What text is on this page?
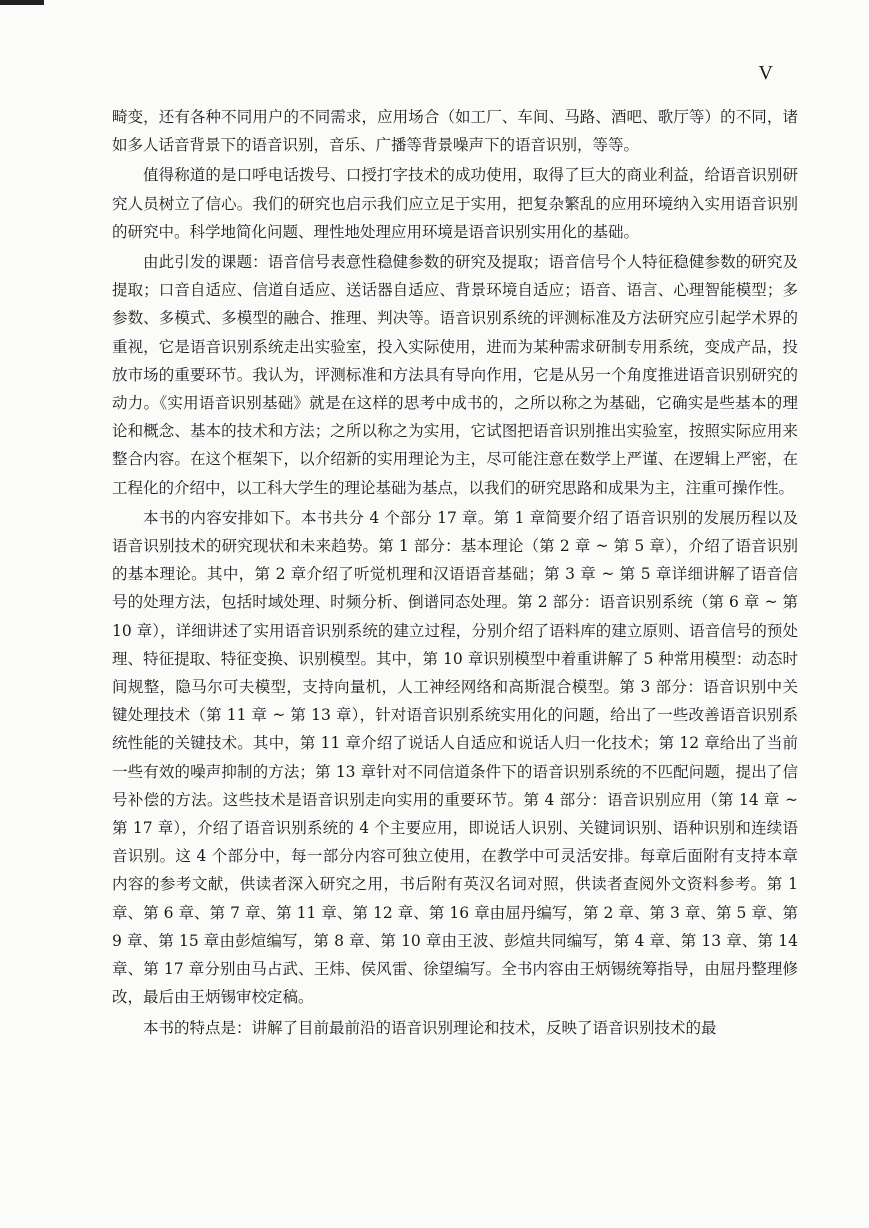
V

畸变，还有各种不同用户的不同需求，应用场合（如工厂、车间、马路、酒吧、歌厅等）的不同，诸如多人话音背景下的语音识别，音乐、广播等背景噪声下的语音识别，等等。

值得称道的是口呼电话拨号、口授打字技术的成功使用，取得了巨大的商业利益，给语音识别研究人员树立了信心。我们的研究也启示我们应立足于实用，把复杂繁乱的应用环境纳入实用语音识别的研究中。科学地简化问题、理性地处理应用环境是语音识别实用化的基础。

由此引发的课题：语音信号表意性稳健参数的研究及提取；语音信号个人特征稳健参数的研究及提取；口音自适应、信道自适应、送话器自适应、背景环境自适应；语音、语言、心理智能模型；多参数、多模式、多模型的融合、推理、判决等。语音识别系统的评测标准及方法研究应引起学术界的重视，它是语音识别系统走出实验室，投入实际使用，进而为某种需求研制专用系统，变成产品，投放市场的重要环节。我认为，评测标准和方法具有导向作用，它是从另一个角度推进语音识别研究的动力。《实用语音识别基础》就是在这样的思考中成书的，之所以称之为基础，它确实是些基本的理论和概念、基本的技术和方法；之所以称之为实用，它试图把语音识别推出实验室，按照实际应用来整合内容。在这个框架下，以介绍新的实用理论为主，尽可能注意在数学上严谨、在逻辑上严密，在工程化的介绍中，以工科大学生的理论基础为基点，以我们的研究思路和成果为主，注重可操作性。

本书的内容安排如下。本书共分 4 个部分 17 章。第 1 章简要介绍了语音识别的发展历程以及语音识别技术的研究现状和未来趋势。第 1 部分：基本理论（第 2 章 ~ 第 5 章），介绍了语音识别的基本理论。其中，第 2 章介绍了听觉机理和汉语语音基础；第 3 章 ~ 第 5 章详细讲解了语音信号的处理方法，包括时域处理、时频分析、倒谱同态处理。第 2 部分：语音识别系统（第 6 章 ~ 第 10 章），详细讲述了实用语音识别系统的建立过程，分别介绍了语料库的建立原则、语音信号的预处理、特征提取、特征变换、识别模型。其中，第 10 章识别模型中着重讲解了 5 种常用模型：动态时间规整，隐马尔可夫模型，支持向量机，人工神经网络和高斯混合模型。第 3 部分：语音识别中关键处理技术（第 11 章 ~ 第 13 章），针对语音识别系统实用化的问题，给出了一些改善语音识别系统性能的关键技术。其中，第 11 章介绍了说话人自适应和说话人归一化技术；第 12 章给出了当前一些有效的噪声抑制的方法；第 13 章针对不同信道条件下的语音识别系统的不匹配问题，提出了信号补偿的方法。这些技术是语音识别走向实用的重要环节。第 4 部分：语音识别应用（第 14 章 ~ 第 17 章），介绍了语音识别系统的 4 个主要应用，即说话人识别、关键词识别、语种识别和连续语音识别。这 4 个部分中，每一部分内容可独立使用，在教学中可灵活安排。每章后面附有支持本章内容的参考文献，供读者深入研究之用，书后附有英汉名词对照，供读者查阅外文资料参考。第 1 章、第 6 章、第 7 章、第 11 章、第 12 章、第 16 章由屈丹编写，第 2 章、第 3 章、第 5 章、第 9 章、第 15 章由彭煊编写，第 8 章、第 10 章由王波、彭煊共同编写，第 4 章、第 13 章、第 14 章、第 17 章分别由马占武、王炜、侯风雷、徐望编写。全书内容由王炳锡统筹指导，由屈丹整理修改，最后由王炳锡审校定稿。

本书的特点是：讲解了目前最前沿的语音识别理论和技术，反映了语音识别技术的最
